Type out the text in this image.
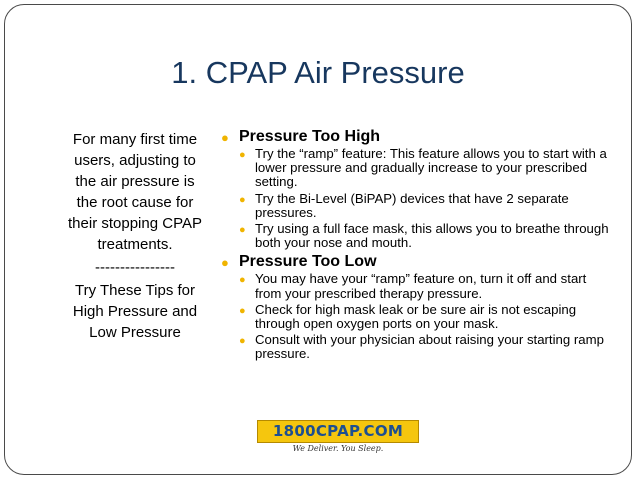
1. CPAP Air Pressure
For many first time users, adjusting to the air pressure is the root cause for their stopping CPAP treatments.
----------------
Try These Tips for High Pressure and Low Pressure
● Pressure Too High
● Try the “ramp” feature: This feature allows you to start with a lower pressure and gradually increase to your prescribed setting.
● Try the Bi-Level (BiPAP) devices that have 2 separate pressures.
● Try using a full face mask, this allows you to breathe through both your nose and mouth.
● Pressure Too Low
● You may have your “ramp” feature on, turn it off and start from your prescribed therapy pressure.
● Check for high mask leak or be sure air is not escaping through open oxygen ports on your mask.
● Consult with your physician about raising your starting ramp pressure.
1800CPAP.COM
We Deliver. You Sleep.
